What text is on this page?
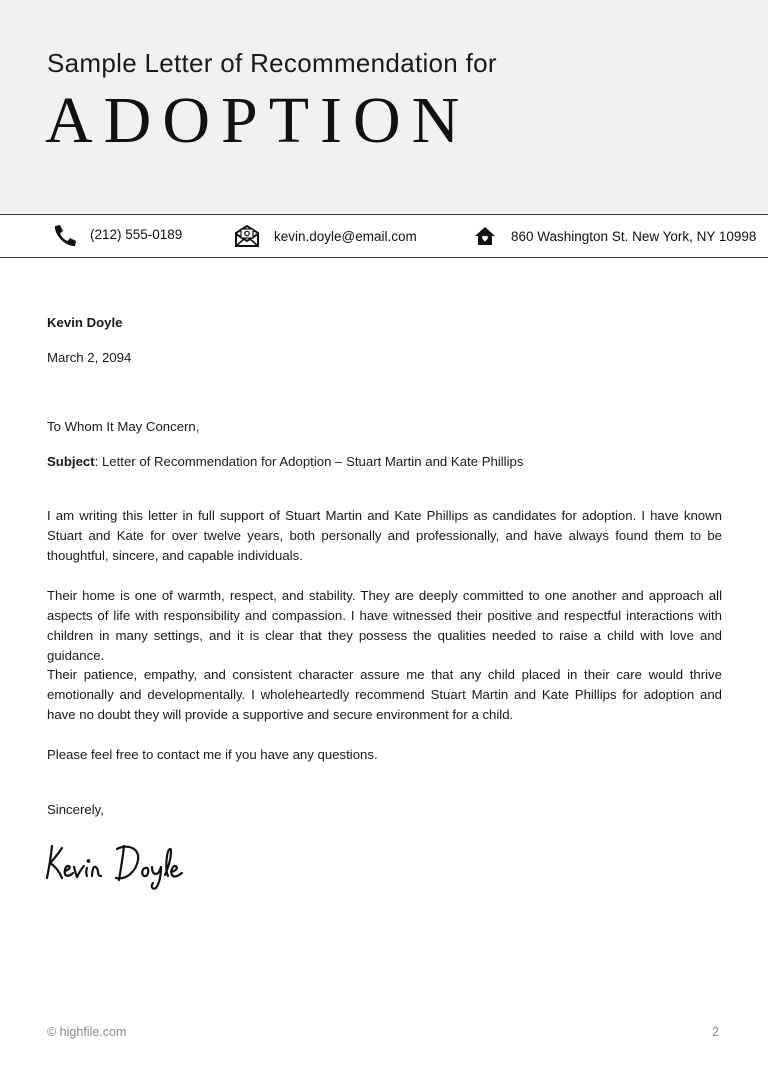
Sample Letter of Recommendation for
ADOPTION
(212) 555-0189	kevin.doyle@email.com	860 Washington St. New York, NY 10998
Kevin Doyle
March 2, 2094
To Whom It May Concern,
Subject: Letter of Recommendation for Adoption – Stuart Martin and Kate Phillips
I am writing this letter in full support of Stuart Martin and Kate Phillips as candidates for adoption. I have known Stuart and Kate for over twelve years, both personally and professionally, and have always found them to be thoughtful, sincere, and capable individuals.
Their home is one of warmth, respect, and stability. They are deeply committed to one another and approach all aspects of life with responsibility and compassion. I have witnessed their positive and respectful interactions with children in many settings, and it is clear that they possess the qualities needed to raise a child with love and guidance.
Their patience, empathy, and consistent character assure me that any child placed in their care would thrive emotionally and developmentally. I wholeheartedly recommend Stuart Martin and Kate Phillips for adoption and have no doubt they will provide a supportive and secure environment for a child.
Please feel free to contact me if you have any questions.
Sincerely,
© highfile.com	2
